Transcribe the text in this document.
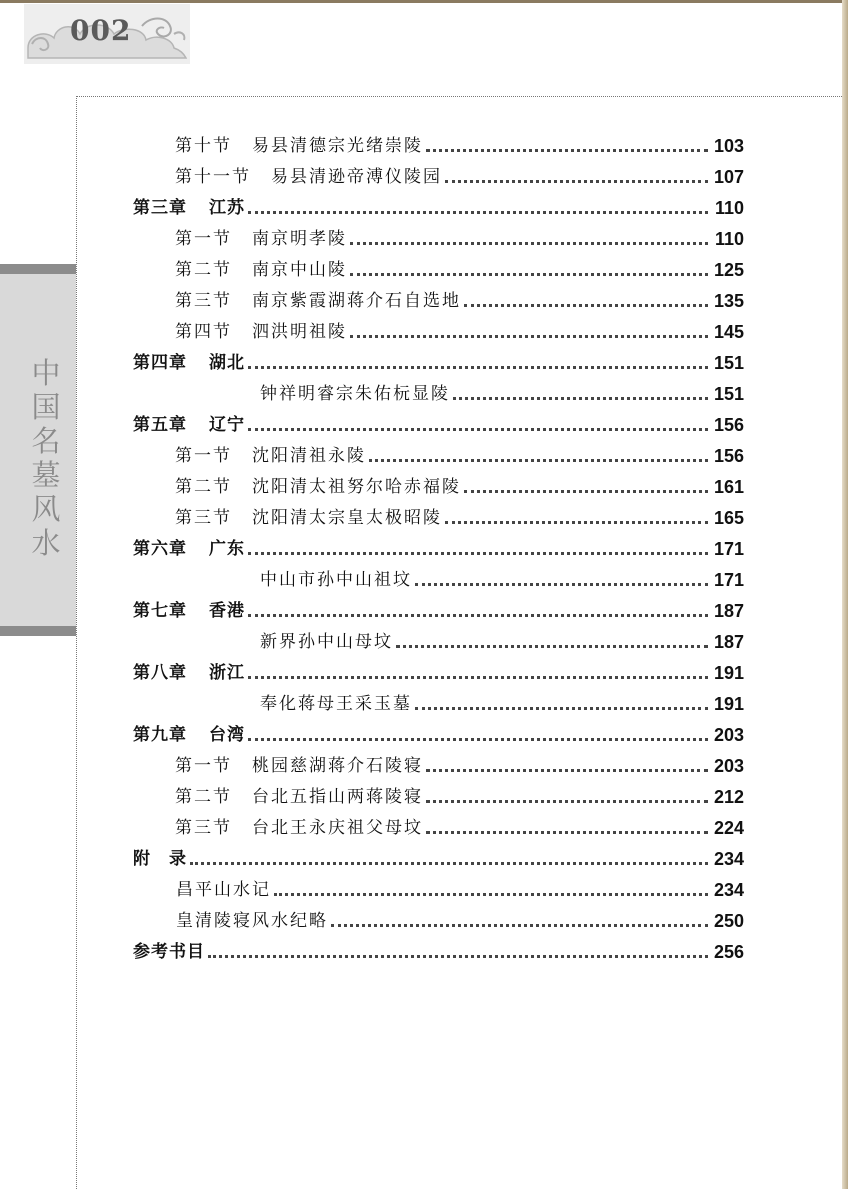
002
中国名墓风水
第十节 易县清德宗光绪崇陵	103
第十一节 易县清逊帝溥仪陵园	107
第三章 江苏	110
第一节 南京明孝陵	110
第二节 南京中山陵	125
第三节 南京紫霞湖蒋介石自选地	135
第四节 泗洪明祖陵	145
第四章 湖北	151
钟祥明睿宗朱佑杬显陵	151
第五章 辽宁	156
第一节 沈阳清祖永陵	156
第二节 沈阳清太祖努尔哈赤福陵	161
第三节 沈阳清太宗皇太极昭陵	165
第六章 广东	171
中山市孙中山祖坟	171
第七章 香港	187
新界孙中山母坟	187
第八章 浙江	191
奉化蒋母王采玉墓	191
第九章 台湾	203
第一节 桃园慈湖蒋介石陵寝	203
第二节 台北五指山两蒋陵寝	212
第三节 台北王永庆祖父母坟	224
附　录	234
昌平山水记	234
皇清陵寝风水纪略	250
参考书目	256
